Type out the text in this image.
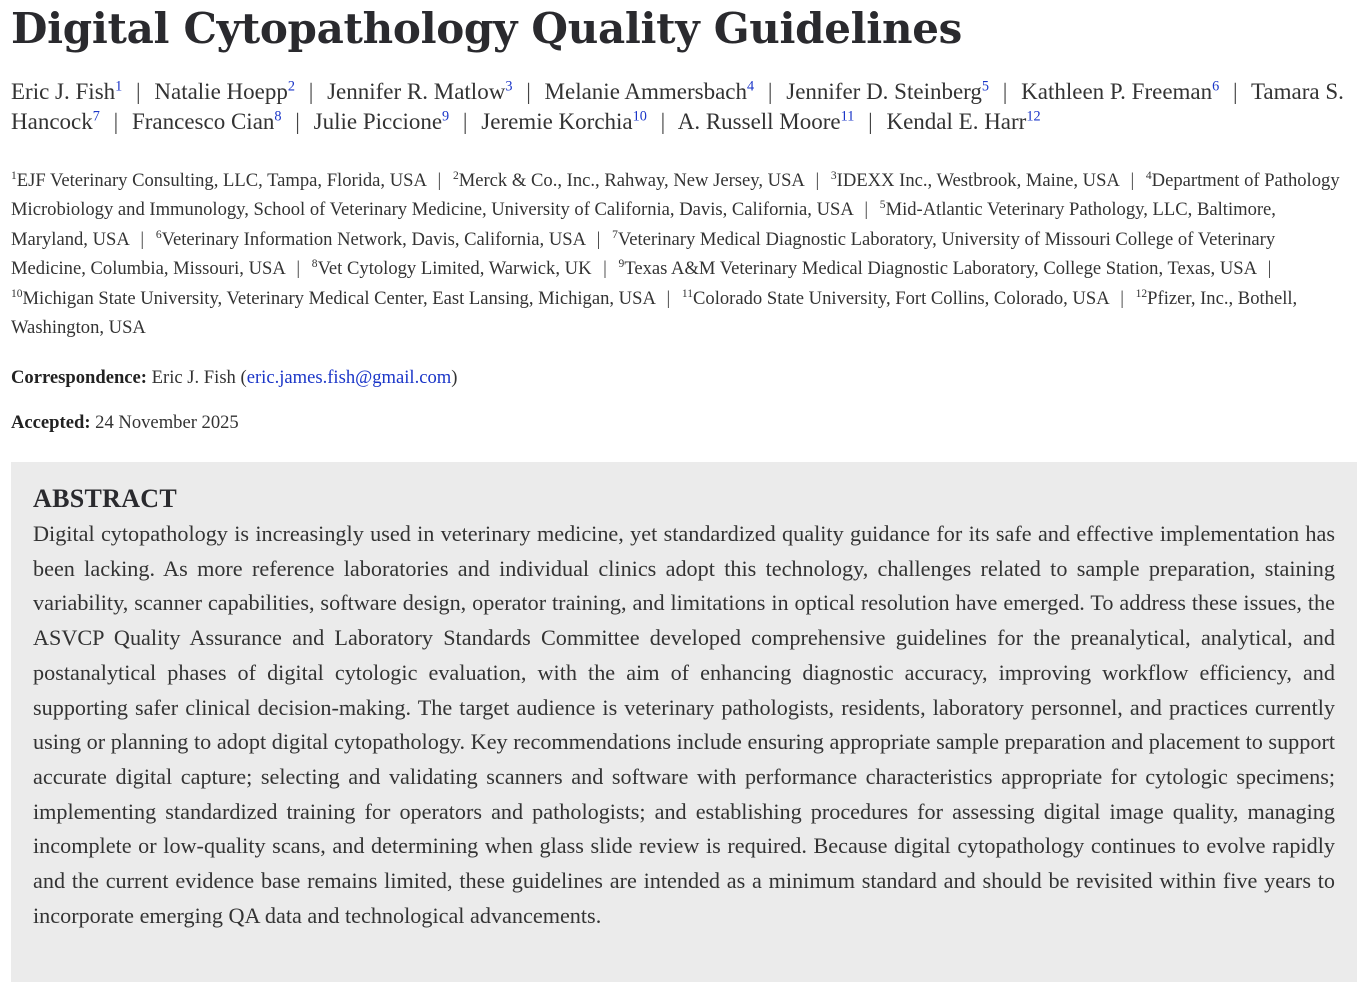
Digital Cytopathology Quality Guidelines
Eric J. Fish$^1$ | Natalie Hoepp$^2$ | Jennifer R. Matlow$^3$ | Melanie Ammersbach$^4$ | Jennifer D. Steinberg$^5$ | Kathleen P. Freeman$^6$ | Tamara S. Hancock$^7$ | Francesco Cian$^8$ | Julie Piccione$^9$ | Jeremie Korchia$^{10}$ | A. Russell Moore$^{11}$ | Kendal E. Harr$^{12}$
$^1$EJF Veterinary Consulting, LLC, Tampa, Florida, USA | $^2$Merck & Co., Inc., Rahway, New Jersey, USA | $^3$IDEXX Inc., Westbrook, Maine, USA | $^4$Department of Pathology Microbiology and Immunology, School of Veterinary Medicine, University of California, Davis, California, USA | $^5$Mid-Atlantic Veterinary Pathology, LLC, Baltimore, Maryland, USA | $^6$Veterinary Information Network, Davis, California, USA | $^7$Veterinary Medical Diagnostic Laboratory, University of Missouri College of Veterinary Medicine, Columbia, Missouri, USA | $^8$Vet Cytology Limited, Warwick, UK | $^9$Texas A&M Veterinary Medical Diagnostic Laboratory, College Station, Texas, USA | $^{10}$Michigan State University, Veterinary Medical Center, East Lansing, Michigan, USA | $^{11}$Colorado State University, Fort Collins, Colorado, USA | $^{12}$Pfizer, Inc., Bothell, Washington, USA
Correspondence: Eric J. Fish (eric.james.fish@gmail.com)
Accepted: 24 November 2025
ABSTRACT

Digital cytopathology is increasingly used in veterinary medicine, yet standardized quality guidance for its safe and effective implementation has been lacking. As more reference laboratories and individual clinics adopt this technology, challenges related to sample preparation, staining variability, scanner capabilities, software design, operator training, and limitations in optical resolution have emerged. To address these issues, the ASVCP Quality Assurance and Laboratory Standards Committee developed comprehensive guidelines for the preanalytical, analytical, and postanalytical phases of digital cytologic evaluation, with the aim of enhancing diagnostic accuracy, improving workflow efficiency, and supporting safer clinical decision-making. The target audience is veterinary pathologists, residents, laboratory personnel, and practices currently using or planning to adopt digital cytopathology. Key recommendations include ensuring appropriate sample preparation and placement to support accurate digital capture; selecting and validating scanners and software with performance characteristics appropriate for cytologic specimens; implementing standardized training for operators and pathologists; and establishing procedures for assessing digital image quality, managing incomplete or low-quality scans, and determining when glass slide review is required. Because digital cytopathology continues to evolve rapidly and the current evidence base remains limited, these guidelines are intended as a minimum standard and should be revisited within five years to incorporate emerging QA data and technological advancements.
